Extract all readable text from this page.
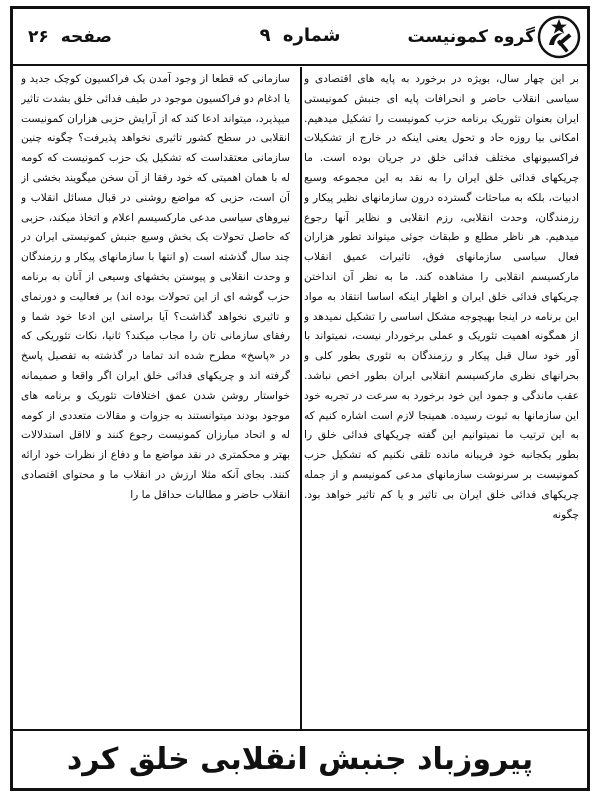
گروه کمونیست
شماره ۹
صفحه ۲۶

بر این چهار سال، بویژه در برخورد به پایه های اقتصادی و سیاسی انقلاب حاضر و انحرافات پایه ای جنبش کمونیستی ایران بعنوان تئوریک برنامه حزب کمونیست را تشکیل میدهیم. امکانی بیا روزه حاد و تحول یعنی اینکه در خارج از تشکیلات فراکسیونهای مختلف فدائی خلق در جریان بوده است. ما چریکهای فدائی خلق ایران را به نقد به این مجموعه وسیع ادبیات، بلکه به مباحثات گسترده درون سازمانهای نظیر پیکار و رزمندگان، وحدت انقلابی، رزم انقلابی و نظایر آنها رجوع میدهیم. هر ناظر مطلع و طبقات جوئی میتواند تطور هزاران فعال سیاسی سازمانهای فوق، تاثیرات عمیق انقلاب مارکسیسم انقلابی را مشاهده کند. ما به نظر آن انداختن چریکهای فدائی خلق ایران و اظهار اینکه اساسا انتقاد به مواد این برنامه در اینجا بهیچوجه مشکل اساسی را تشکیل نمیدهد و از همگونه اهمیت تئوریک و عملی برخوردار نیست، نمیتواند با آور خود سال قبل پیکار و رزمندگان به تئوری بطور کلی و بحرانهای نظری مارکسیسم انقلابی ایران بطور اخص نباشد. عقب ماندگی و جمود این خود برخورد به سرعت در تجربه خود این سازمانها به ثبوت رسیده. همینجا لازم است اشاره کنیم که به این ترتیب ما نمیتوانیم این گفته چریکهای فدائی خلق را بطور یکجانبه خود فریبانه مانده تلقی نکنیم که تشکیل حزب کمونیست بر سرنوشت سازمانهای مدعی کمونیسم و از جمله چریکهای فدائی خلق ایران بی تاثیر و یا کم تاثیر خواهد بود. چگونه

سازمانی که قطعا از وجود آمدن یک فراکسیون کوچک جدید و یا ادغام دو فراکسیون موجود در طیف فدائی خلق بشدت تاثیر میپذیرد، میتواند ادعا کند که از آرایش حزبی هزاران کمونیست انقلابی در سطح کشور تاثیری نخواهد پذیرفت؟ چگونه چنین سازمانی معتقداست که تشکیل یک حزب کمونیست که کومه له با همان اهمیتی که خود رفقا از آن سخن میگویند بخشی از آن است، حزبی که مواضع روشنی در قبال مسائل انقلاب و نیروهای سیاسی مدعی مارکسیسم اعلام و اتخاذ میکند، حزبی که حاصل تحولات یک بخش وسیع جنبش کمونیستی ایران در چند سال گذشته است (و انتها با سازمانهای پیکار و رزمندگان و وحدت انقلابی و پیوستن بخشهای وسیعی از آنان به برنامه حزب گوشه ای از این تحولات بوده اند) بر فعالیت و دورنمای و تاثیری نخواهد گذاشت؟ آیا براستی این ادعا خود شما و رفقای سازمانی تان را مجاب میکند؟ ثانیا، نکات تئوریکی که در «پاسخ» مطرح شده اند تماما در گذشته به تفصیل پاسخ گرفته اند و چریکهای فدائی خلق ایران اگر واقعا و صمیمانه خواستار روشن شدن عمق اختلافات تئوریک و برنامه های موجود بودند میتوانستند به جزوات و مقالات متعددی از کومه له و اتحاد مبارزان کمونیست رجوع کنند و لااقل استدلالات بهتر و محکمتری در نقد مواضع ما و دفاع از نظرات خود ارائه کنند. بجای آنکه مثلا ارزش در انقلاب ما و محتوای اقتصادی انقلاب حاضر و مطالبات حداقل ما را

پیروزباد جنبش انقلابی خلق کرد
